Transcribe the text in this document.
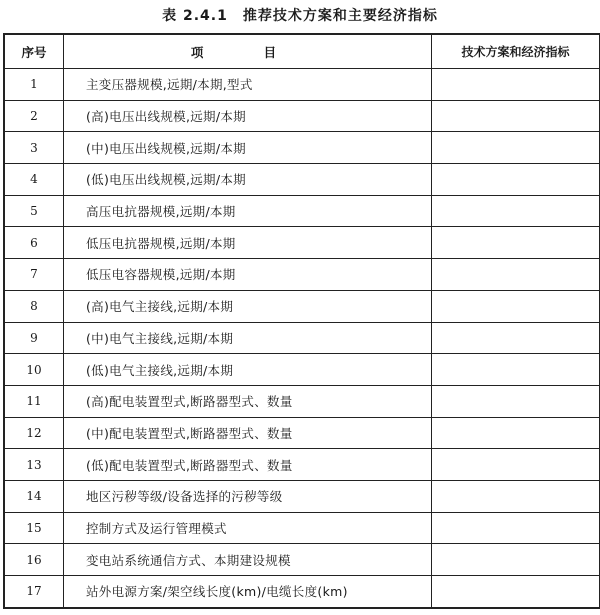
表 2.4.1　推荐技术方案和主要经济指标
序号	项 目	技术方案和经济指标
1	主变压器规模,远期/本期,型式	
2	(高)电压出线规模,远期/本期	
3	(中)电压出线规模,远期/本期	
4	(低)电压出线规模,远期/本期	
5	高压电抗器规模,远期/本期	
6	低压电抗器规模,远期/本期	
7	低压电容器规模,远期/本期	
8	(高)电气主接线,远期/本期	
9	(中)电气主接线,远期/本期	
10	(低)电气主接线,远期/本期	
11	(高)配电装置型式,断路器型式、数量	
12	(中)配电装置型式,断路器型式、数量	
13	(低)配电装置型式,断路器型式、数量	
14	地区污秽等级/设备选择的污秽等级	
15	控制方式及运行管理模式	
16	变电站系统通信方式、本期建设规模	
17	站外电源方案/架空线长度(km)/电缆长度(km)	
